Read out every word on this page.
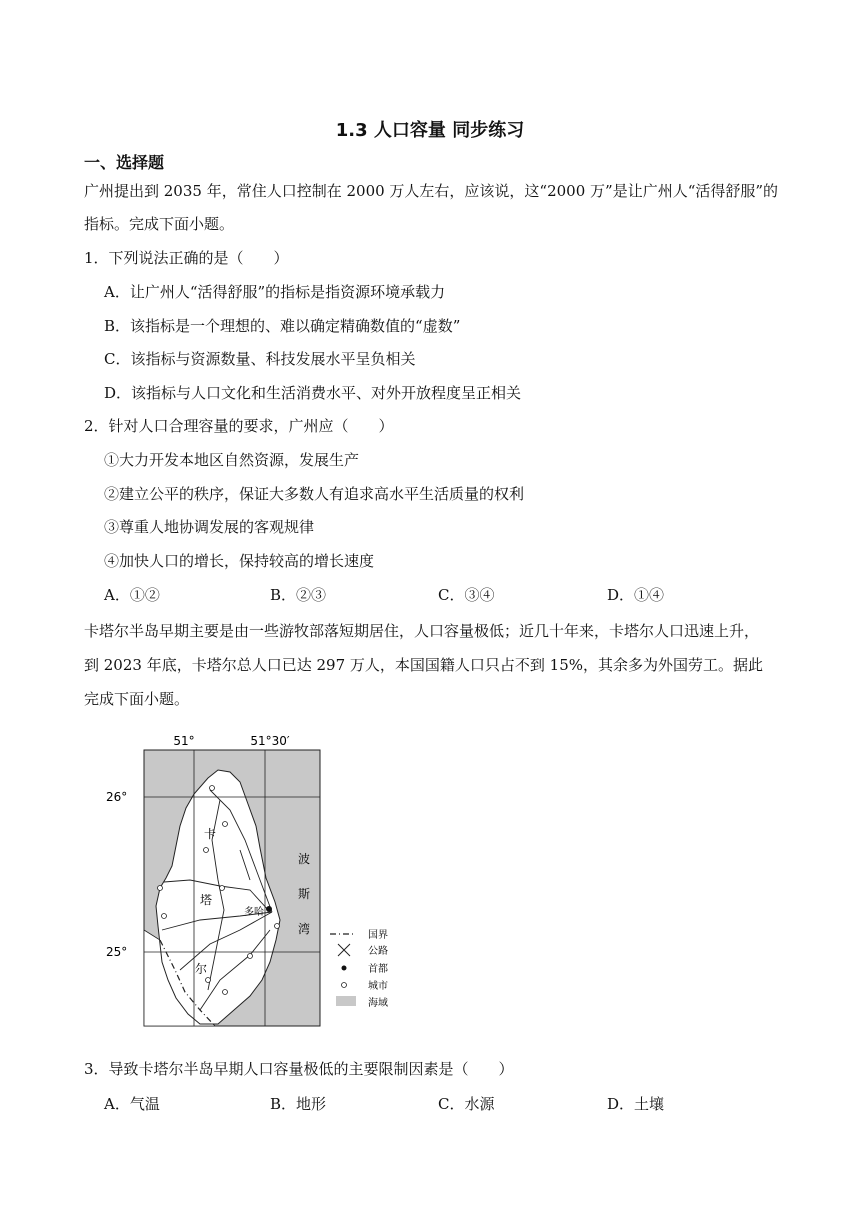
1.3 人口容量 同步练习
一、选择题
广州提出到 2035 年，常住人口控制在 2000 万人左右，应该说，这“2000 万”是让广州人“活得舒服”的
指标。完成下面小题。
1．下列说法正确的是（　　）
A．让广州人“活得舒服”的指标是指资源环境承载力
B．该指标是一个理想的、难以确定精确数值的“虚数”
C．该指标与资源数量、科技发展水平呈负相关
D．该指标与人口文化和生活消费水平、对外开放程度呈正相关
2．针对人口合理容量的要求，广州应（　　）
①大力开发本地区自然资源，发展生产
②建立公平的秩序，保证大多数人有追求高水平生活质量的权利
③尊重人地协调发展的客观规律
④加快人口的增长，保持较高的增长速度
A．①②	B．②③	C．③④	D．①④
卡塔尔半岛早期主要是由一些游牧部落短期居住，人口容量极低；近几十年来，卡塔尔人口迅速上升，
到 2023 年底，卡塔尔总人口已达 297 万人，本国国籍人口只占不到 15%，其余多为外国劳工。据此
完成下面小题。
51°	51°30′
26°
25°
卡
塔
尔
多哈
波
斯
湾	国界
公路
首都
城市
海域
3．导致卡塔尔半岛早期人口容量极低的主要限制因素是（　　）
A．气温	B．地形	C．水源	D．土壤
